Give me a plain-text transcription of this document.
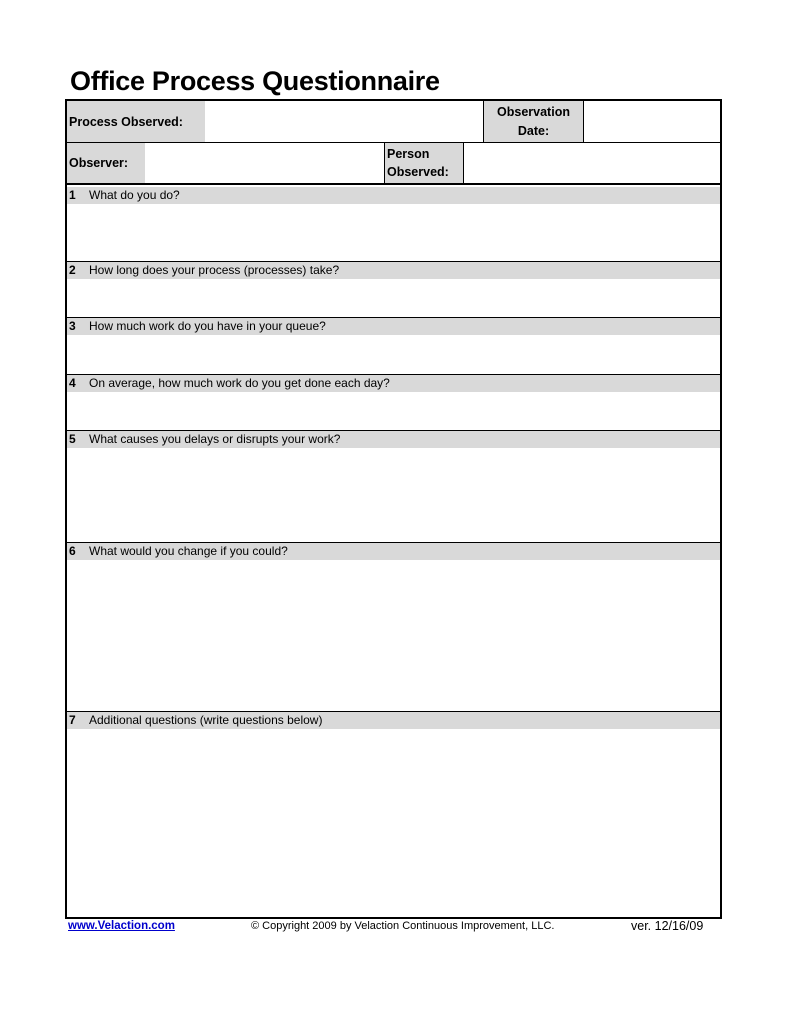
Office Process Questionnaire
Process Observed:
Observation
Date:
Observer:
Person
Observed:
1 What do you do?
2 How long does your process (processes) take?
3 How much work do you have in your queue?
4 On average, how much work do you get done each day?
5 What causes you delays or disrupts your work?
6 What would you change if you could?
7 Additional questions (write questions below)
www.Velaction.com	© Copyright 2009 by Velaction Continuous Improvement, LLC.	ver. 12/16/09
